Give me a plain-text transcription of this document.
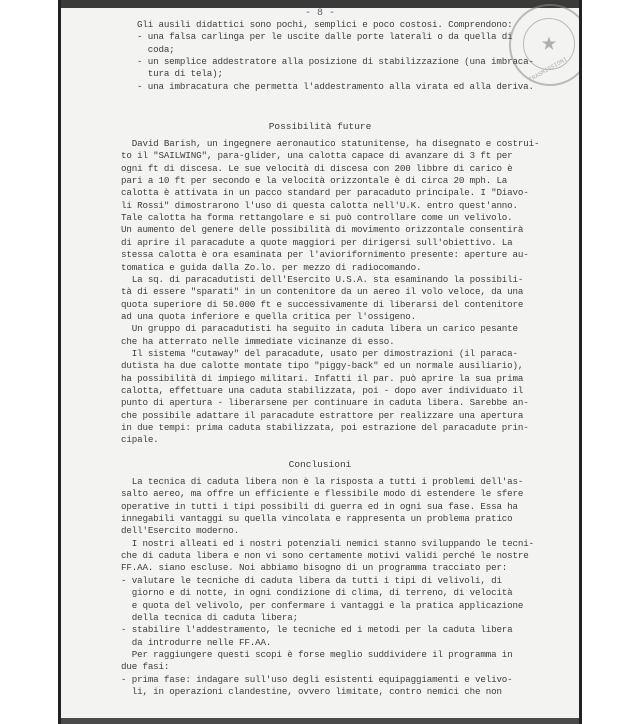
- 8 -
★
TRASMISSIONI
Gli ausili didattici sono pochi, semplici e poco costosi. Comprendono:
- una falsa carlinga per le uscite dalle porte laterali o da quella di
coda;
- un semplice addestratore alla posizione di stabilizzazione (una imbraca-
tura di tela);
- una imbracatura che permetta l'addestramento alla virata ed alla deriva.
Possibilità future
David Barish, un ingegnere aeronautico statunitense, ha disegnato e costrui-
to il "SAILWING", para-glider, una calotta capace di avanzare di 3 ft per
ogni ft di discesa. Le sue velocità di discesa con 200 libbre di carico è
pari a 10 ft per secondo e la velocità orizzontale è di circa 20 mph. La
calotta è attivata in un pacco standard per paracaduto principale. I "Diavo-
li Rossi" dimostrarono l'uso di questa calotta nell'U.K. entro quest'anno.
Tale calotta ha forma rettangolare e si può controllare come un velivolo.
Un aumento del genere delle possibilità di movimento orizzontale consentirà
di aprire il paracadute a quote maggiori per dirigersi sull'obiettivo. La
stessa calotta è ora esaminata per l'aviorifornimento presente: aperture au-
tomatica e guida dalla Zo.lo. per mezzo di radiocomando.
La sq. di paracadutisti dell'Esercito U.S.A. sta esaminando la possibili-
tà di essere "sparati" in un contenitore da un aereo il volo veloce, da una
quota superiore di 50.000 ft e successivamente di liberarsi del contenitore
ad una quota inferiore e quella critica per l'ossigeno.
Un gruppo di paracadutisti ha seguito in caduta libera un carico pesante
che ha atterrato nelle immediate vicinanze di esso.
Il sistema "cutaway" del paracadute, usato per dimostrazioni (il paraca-
dutista ha due calotte montate tipo "piggy-back" ed un normale ausiliario),
ha possibilità di impiego militari. Infatti il par. può aprire la sua prima
calotta, effettuare una caduta stabilizzata, poi - dopo aver individuato il
punto di apertura - liberarsene per continuare in caduta libera. Sarebbe an-
che possibile adattare il paracadute estrattore per realizzare una apertura
in due tempi: prima caduta stabilizzata, poi estrazione del paracadute prin-
cipale.
Conclusioni
La tecnica di caduta libera non è la risposta a tutti i problemi dell'as-
salto aereo, ma offre un efficiente e flessibile modo di estendere le sfere
operative in tutti i tipi possibili di guerra ed in ogni sua fase. Essa ha
innegabili vantaggi su quella vincolata e rappresenta un problema pratico
dell'Esercito moderno.
I nostri alleati ed i nostri potenziali nemici stanno sviluppando le tecni-
che di caduta libera e non vi sono certamente motivi validi perché le nostre
FF.AA. siano escluse. Noi abbiamo bisogno di un programma tracciato per:
- valutare le tecniche di caduta libera da tutti i tipi di velivoli, di
giorno e di notte, in ogni condizione di clima, di terreno, di velocità
e quota del velivolo, per confermare i vantaggi e la pratica applicazione
della tecnica di caduta libera;
- stabilire l'addestramento, le tecniche ed i metodi per la caduta libera
da introdurre nelle FF.AA.
Per raggiungere questi scopi è forse meglio suddividere il programma in
due fasi:
- prima fase: indagare sull'uso degli esistenti equipaggiamenti e velivo-
li, in operazioni clandestine, ovvero limitate, contro nemici che non
